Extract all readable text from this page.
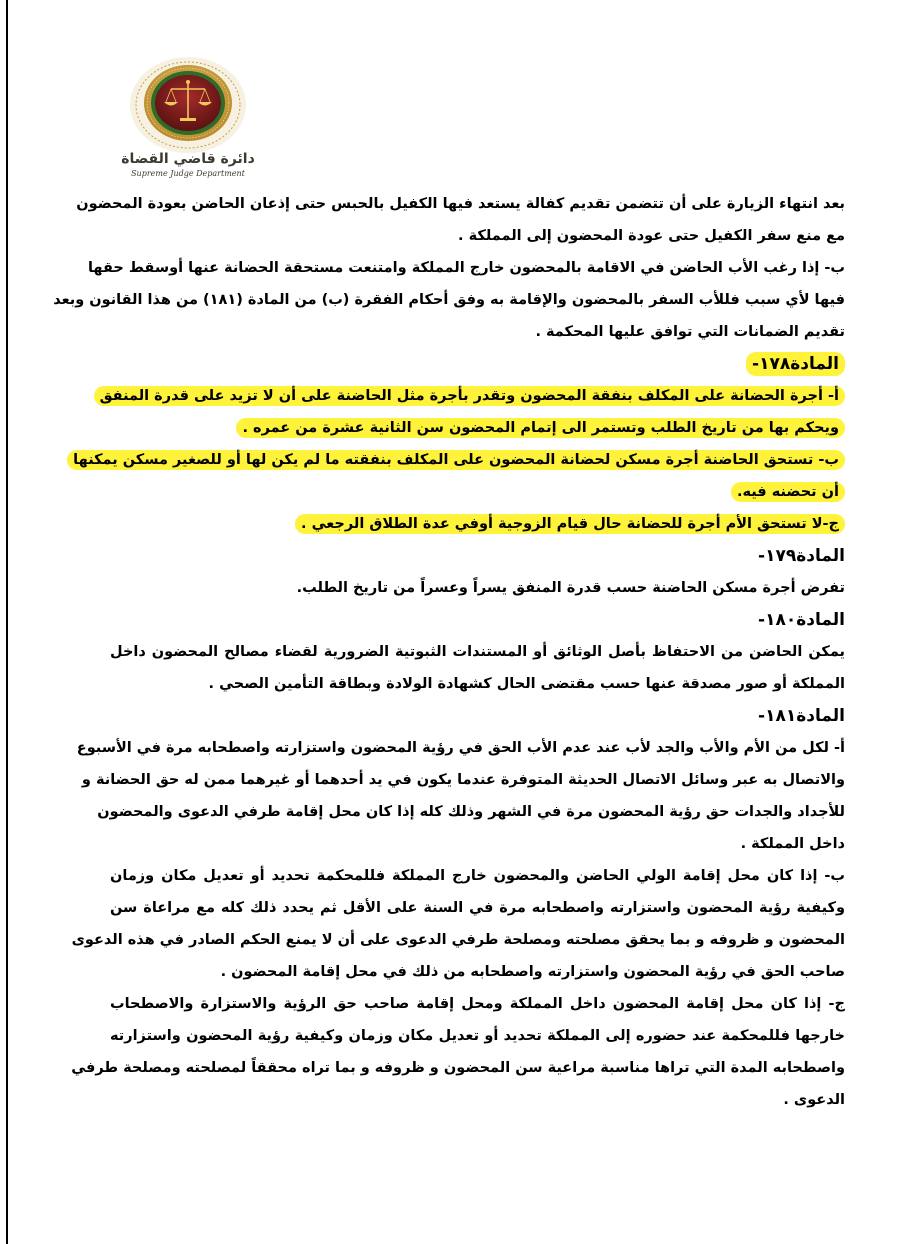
دائرة قاضي القضاة
Supreme Judge Department
بعد انتهاء الزيارة على أن تتضمن تقديم كفالة يستعد فيها الكفيل بالحبس حتى إذعان الحاضن بعودة المحضون
مع منع سفر الكفيل حتى عودة المحضون إلى المملكة .
ب- إذا رغب الأب الحاضن في الاقامة بالمحضون خارج المملكة وامتنعت مستحقة الحضانة عنها أوسقط حقها
فيها لأي سبب فللأب السفر بالمحضون والإقامة به وفق أحكام الفقرة (ب) من المادة (١٨١) من هذا القانون وبعد
تقديم الضمانات التي توافق عليها المحكمة .
المادة١٧٨-
أ- أجرة الحضانة على المكلف بنفقة المحضون وتقدر بأجرة مثل الحاضنة على أن لا تزيد على قدرة المنفق
ويحكم بها من تاريخ الطلب وتستمر الى إتمام المحضون سن الثانية عشرة من عمره .
ب- تستحق الحاضنة أجرة مسكن لحضانة المحضون على المكلف بنفقته ما لم يكن لها أو للصغير مسكن يمكنها
أن تحضنه فيه.
ج-لا تستحق الأم أجرة للحضانة حال قيام الزوجية أوفي عدة الطلاق الرجعي .
المادة١٧٩-
تفرض أجرة مسكن الحاضنة حسب قدرة المنفق يسراً وعسراً من تاريخ الطلب.
المادة١٨٠-
يمكن الحاضن من الاحتفاظ بأصل الوثائق أو المستندات الثبوتية الضرورية لقضاء مصالح المحضون داخل
المملكة أو صور مصدقة عنها حسب مقتضى الحال كشهادة الولادة وبطاقة التأمين الصحي .
المادة١٨١-
أ- لكل من الأم والأب والجد لأب عند عدم الأب الحق في رؤية المحضون واستزارته واصطحابه مرة في الأسبوع
والاتصال به عبر وسائل الاتصال الحديثة المتوفرة عندما يكون في يد أحدهما أو غيرهما ممن له حق الحضانة و
للأجداد والجدات حق رؤية المحضون مرة في الشهر وذلك كله إذا كان محل إقامة طرفي الدعوى والمحضون
داخل المملكة .
ب- إذا كان محل إقامة الولي الحاضن والمحضون خارج المملكة فللمحكمة تحديد أو تعديل مكان وزمان
وكيفية رؤية المحضون واستزارته واصطحابه مرة في السنة على الأقل ثم يحدد ذلك كله مع مراعاة سن
المحضون و ظروفه و بما يحقق مصلحته ومصلحة طرفي الدعوى على أن لا يمنع الحكم الصادر في هذه الدعوى
صاحب الحق في رؤية المحضون واستزارته واصطحابه من ذلك في محل إقامة المحضون .
ج- إذا كان محل إقامة المحضون داخل المملكة ومحل إقامة صاحب حق الرؤية والاستزارة والاصطحاب
خارجها فللمحكمة عند حضوره إلى المملكة تحديد أو تعديل مكان وزمان وكيفية رؤية المحضون واستزارته
واصطحابه المدة التي تراها مناسبة مراعية سن المحضون و ظروفه و بما تراه محققاً لمصلحته ومصلحة طرفي
الدعوى .
